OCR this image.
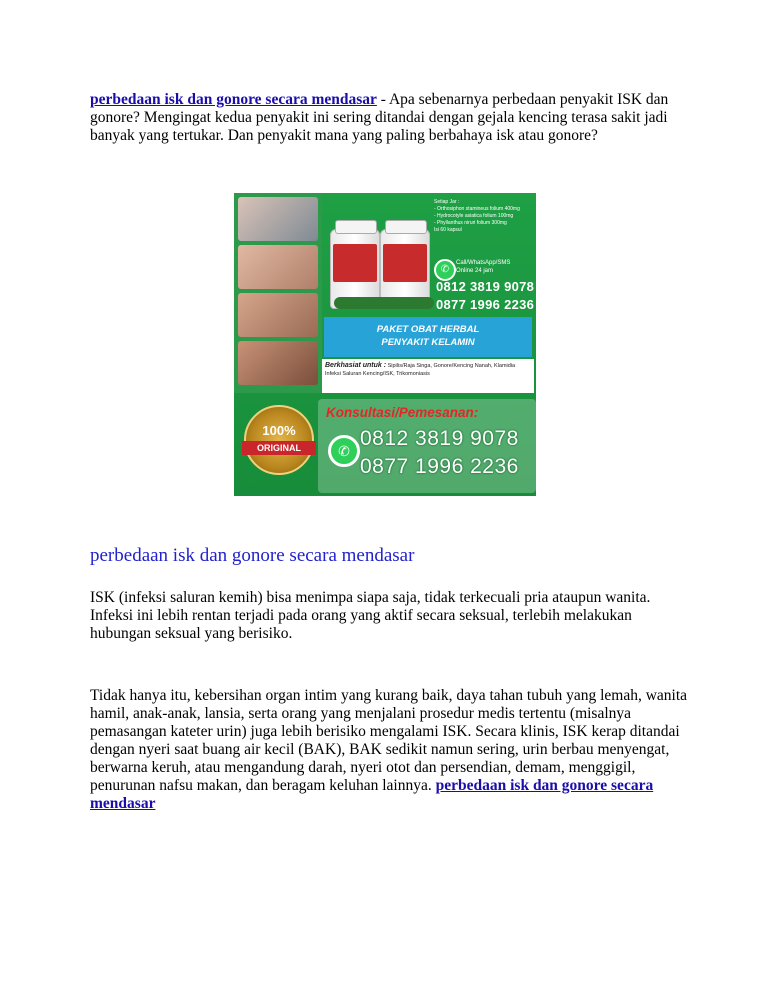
perbedaan isk dan gonore secara mendasar - Apa sebenarnya perbedaan penyakit ISK dan gonore? Mengingat kedua penyakit ini sering ditandai dengan gejala kencing terasa sakit jadi banyak yang tertukar. Dan penyakit mana yang paling berbahaya isk atau gonore?

perbedaan isk dan gonore secara mendasar

ISK (infeksi saluran kemih) bisa menimpa siapa saja, tidak terkecuali pria ataupun wanita. Infeksi ini lebih rentan terjadi pada orang yang aktif secara seksual, terlebih melakukan hubungan seksual yang berisiko.

Tidak hanya itu, kebersihan organ intim yang kurang baik, daya tahan tubuh yang lemah, wanita hamil, anak-anak, lansia, serta orang yang menjalani prosedur medis tertentu (misalnya pemasangan kateter urin) juga lebih berisiko mengalami ISK. Secara klinis, ISK kerap ditandai dengan nyeri saat buang air kecil (BAK), BAK sedikit namun sering, urin berbau menyengat, berwarna keruh, atau mengandung darah, nyeri otot dan persendian, demam, menggigil, penurunan nafsu makan, dan beragam keluhan lainnya. perbedaan isk dan gonore secara mendasar

Setiap Jar :
- Orthosiphon stamineus folium 400mg
- Hydrocotyle asiatica folium 100mg
- Phyllanthus niruri folium 300mg
Isi 60 kapsul
✆
Call/WhatsApp/SMS
Online 24 jam
0812 3819 9078
0877 1996 2236
PAKET OBAT HERBAL
PENYAKIT KELAMIN
Berkhasiat untuk : Sipilis/Raja Singa, Gonore/Kencing Nanah, Klamidia Infeksi Saluran Kencing/ISK, Trikomoniasis
Konsultasi/Pemesanan:
✆
0812 3819 9078
0877 1996 2236
100%
ORIGINAL
